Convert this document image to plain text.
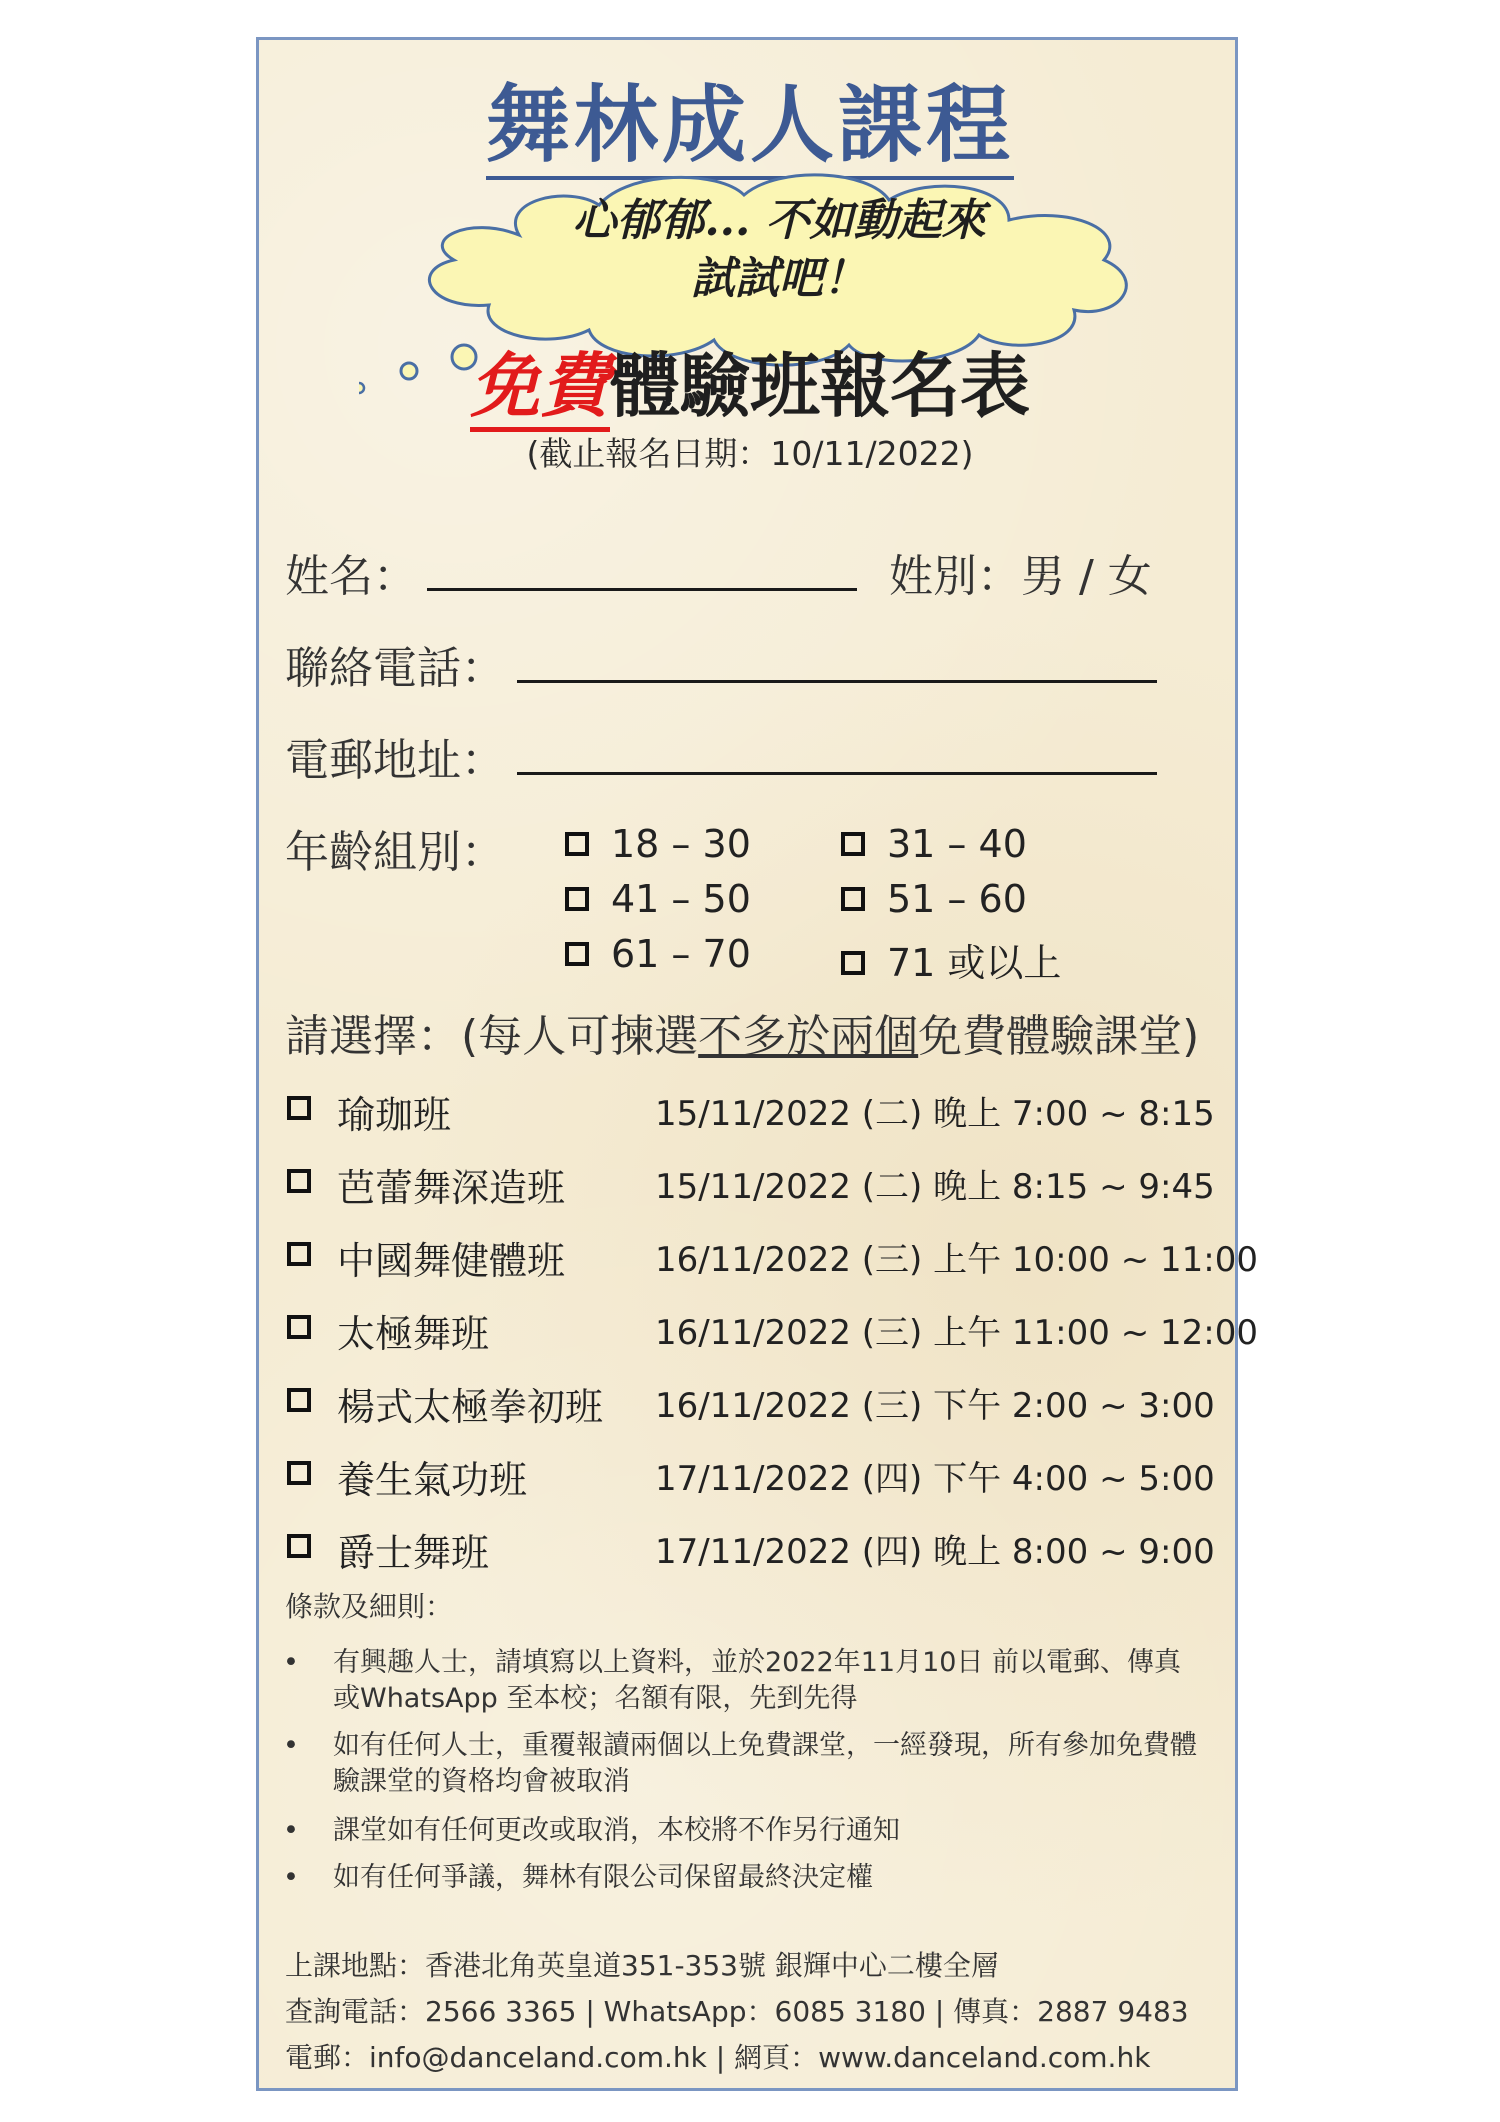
舞林成人課程
心郁郁... 不如動起來
試試吧！
免費體驗班報名表
(截止報名日期：10/11/2022)
姓名：	姓別：男 / 女
聯絡電話：
電郵地址：
年齡組別：	18 – 30	31 – 40
41 – 50	51 – 60
61 – 70	71 或以上
請選擇：(每人可揀選不多於兩個免費體驗課堂)
瑜珈班	15/11/2022 (二) 晚上 7:00 ~ 8:15
芭蕾舞深造班	15/11/2022 (二) 晚上 8:15 ~ 9:45
中國舞健體班	16/11/2022 (三) 上午 10:00 ~ 11:00
太極舞班	16/11/2022 (三) 上午 11:00 ~ 12:00
楊式太極拳初班 16/11/2022 (三) 下午 2:00 ~ 3:00
養生氣功班	17/11/2022 (四) 下午 4:00 ~ 5:00
爵士舞班	17/11/2022 (四) 晚上 8:00 ~ 9:00
條款及細則：
• 有興趣人士，請填寫以上資料，並於2022年11月10日 前以電郵、傳真或WhatsApp 至本校；名額有限，先到先得
• 如有任何人士，重覆報讀兩個以上免費課堂，一經發現，所有參加免費體驗課堂的資格均會被取消
• 課堂如有任何更改或取消，本校將不作另行通知
• 如有任何爭議，舞林有限公司保留最終決定權
上課地點：香港北角英皇道351-353號 銀輝中心二樓全層
查詢電話：2566 3365 | WhatsApp：6085 3180 | 傳真：2887 9483
電郵：info@danceland.com.hk | 網頁：www.danceland.com.hk
